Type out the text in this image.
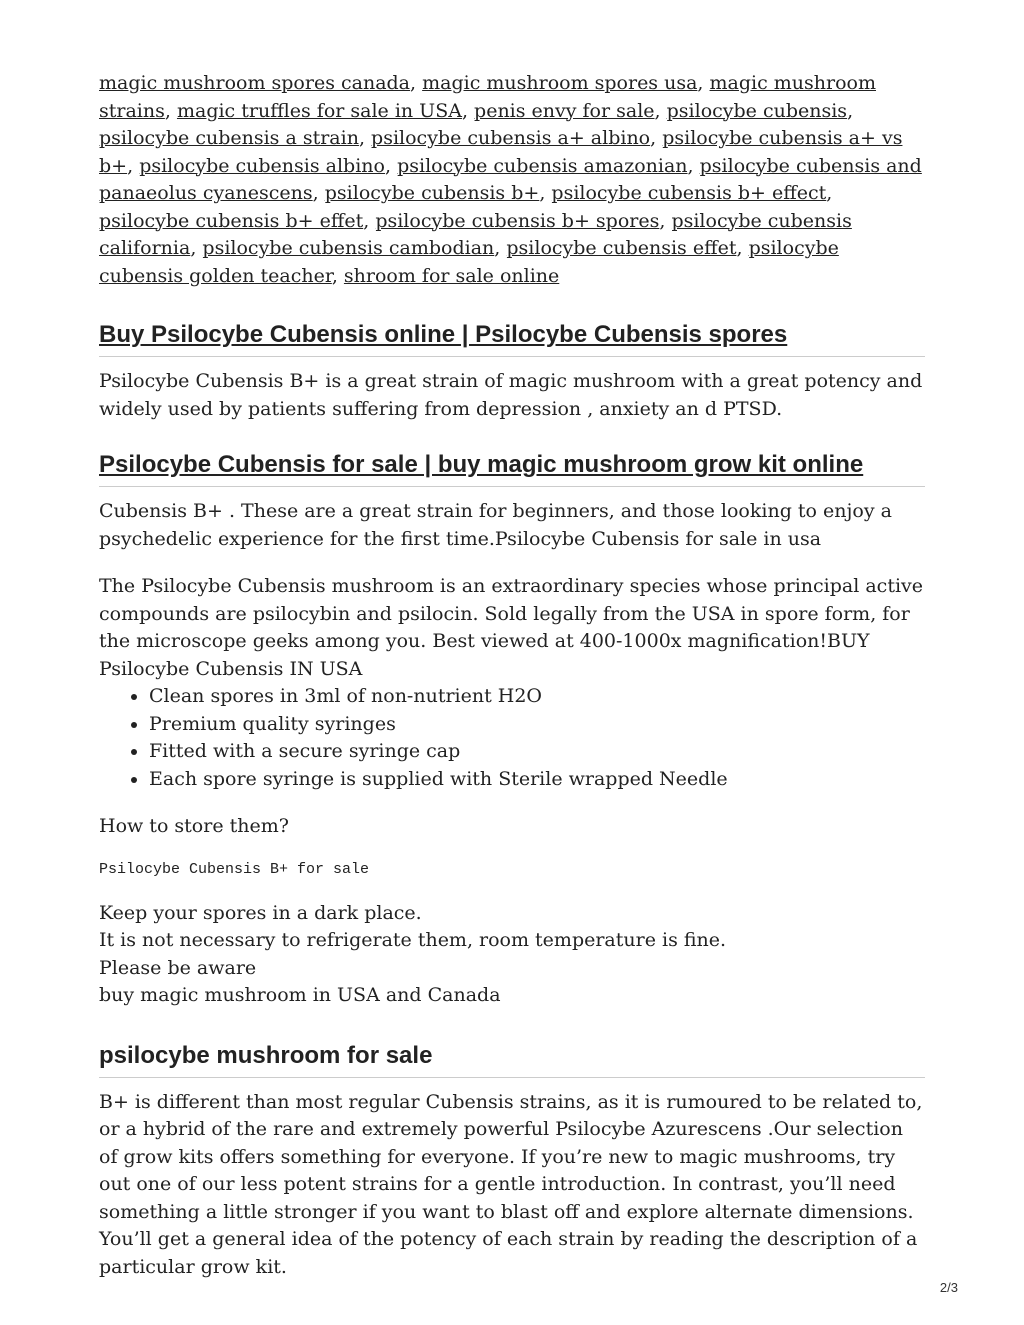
magic mushroom spores canada, magic mushroom spores usa, magic mushroom strains, magic truffles for sale in USA, penis envy for sale, psilocybe cubensis, psilocybe cubensis a strain, psilocybe cubensis a+ albino, psilocybe cubensis a+ vs b+, psilocybe cubensis albino, psilocybe cubensis amazonian, psilocybe cubensis and panaeolus cyanescens, psilocybe cubensis b+, psilocybe cubensis b+ effect, psilocybe cubensis b+ effet, psilocybe cubensis b+ spores, psilocybe cubensis california, psilocybe cubensis cambodian, psilocybe cubensis effet, psilocybe cubensis golden teacher, shroom for sale online

Buy Psilocybe Cubensis online | Psilocybe Cubensis spores

Psilocybe Cubensis B+ is a great strain of magic mushroom with a great potency and widely used by patients suffering from depression , anxiety an d PTSD.

Psilocybe Cubensis for sale | buy magic mushroom grow kit online

Cubensis B+ . These are a great strain for beginners, and those looking to enjoy a psychedelic experience for the first time.Psilocybe Cubensis for sale in usa

The Psilocybe Cubensis mushroom is an extraordinary species whose principal active compounds are psilocybin and psilocin. Sold legally from the USA in spore form, for the microscope geeks among you. Best viewed at 400-1000x magnification!BUY Psilocybe Cubensis IN USA

• Clean spores in 3ml of non-nutrient H2O
• Premium quality syringes
• Fitted with a secure syringe cap
• Each spore syringe is supplied with Sterile wrapped Needle

How to store them?

Psilocybe Cubensis B+ for sale

Keep your spores in a dark place.
It is not necessary to refrigerate them, room temperature is fine.
Please be aware
buy magic mushroom in USA and Canada

psilocybe mushroom for sale

B+ is different than most regular Cubensis strains, as it is rumoured to be related to, or a hybrid of the rare and extremely powerful Psilocybe Azurescens .Our selection of grow kits offers something for everyone. If you’re new to magic mushrooms, try out one of our less potent strains for a gentle introduction. In contrast, you’ll need something a little stronger if you want to blast off and explore alternate dimensions. You’ll get a general idea of the potency of each strain by reading the description of a particular grow kit.

2/3
